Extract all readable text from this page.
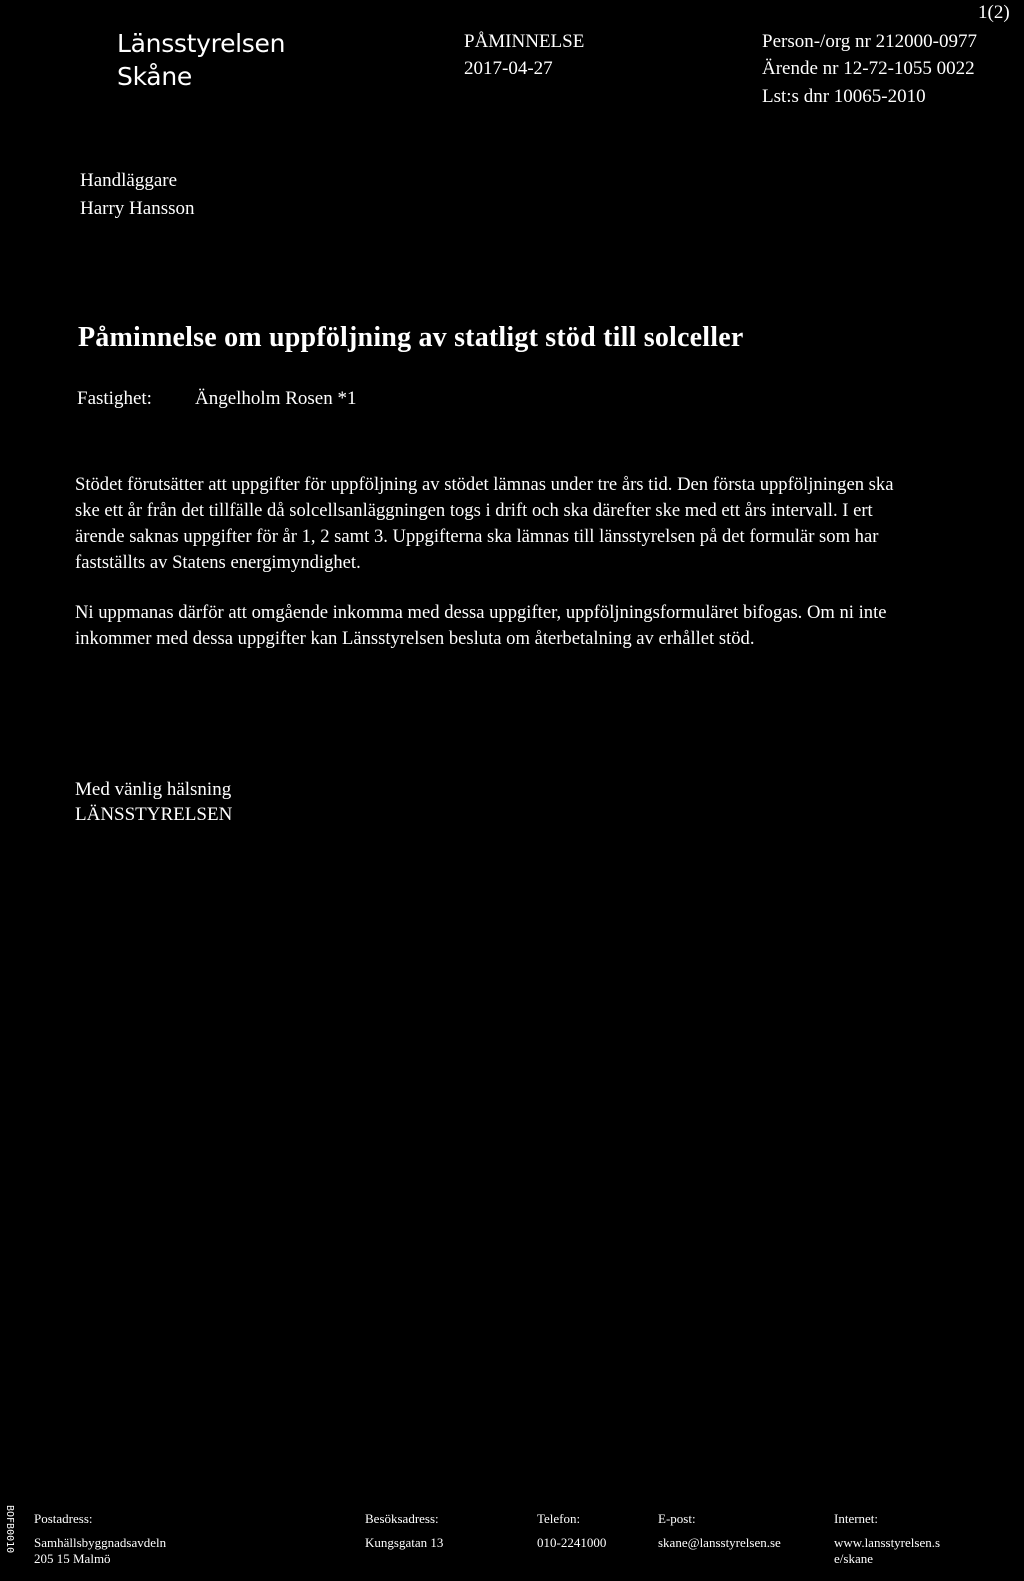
Länsstyrelsen
Skåne
PÅMINNELSE
2017-04-27
1(2)
Person-/org nr 212000-0977
Ärende nr 12-72-1055 0022
Lst:s dnr 10065-2010
Handläggare
Harry Hansson
Påminnelse om uppföljning av statligt stöd till solceller
Fastighet: Ängelholm Rosen *1
Stödet förutsätter att uppgifter för uppföljning av stödet lämnas under tre års tid. Den första uppföljningen ska ske ett år från det tillfälle då solcellsanläggningen togs i drift och ska därefter ske med ett års intervall. I ert ärende saknas uppgifter för år 1, 2 samt 3. Uppgifterna ska lämnas till länsstyrelsen på det formulär som har fastställts av Statens energimyndighet.
Ni uppmanas därför att omgående inkomma med dessa uppgifter, uppföljningsformuläret bifogas. Om ni inte inkommer med dessa uppgifter kan Länsstyrelsen besluta om återbetalning av erhållet stöd.
Med vänlig hälsning
LÄNSSTYRELSEN
BOFB0010 Postadress:
Samhällsbyggnadsavdeln
205 15 Malmö
Besöksadress:
Kungsgatan 13
Telefon:
010-2241000
E-post:
skane@lansstyrelsen.se
Internet:
www.lansstyrelsen.s
e/skane
